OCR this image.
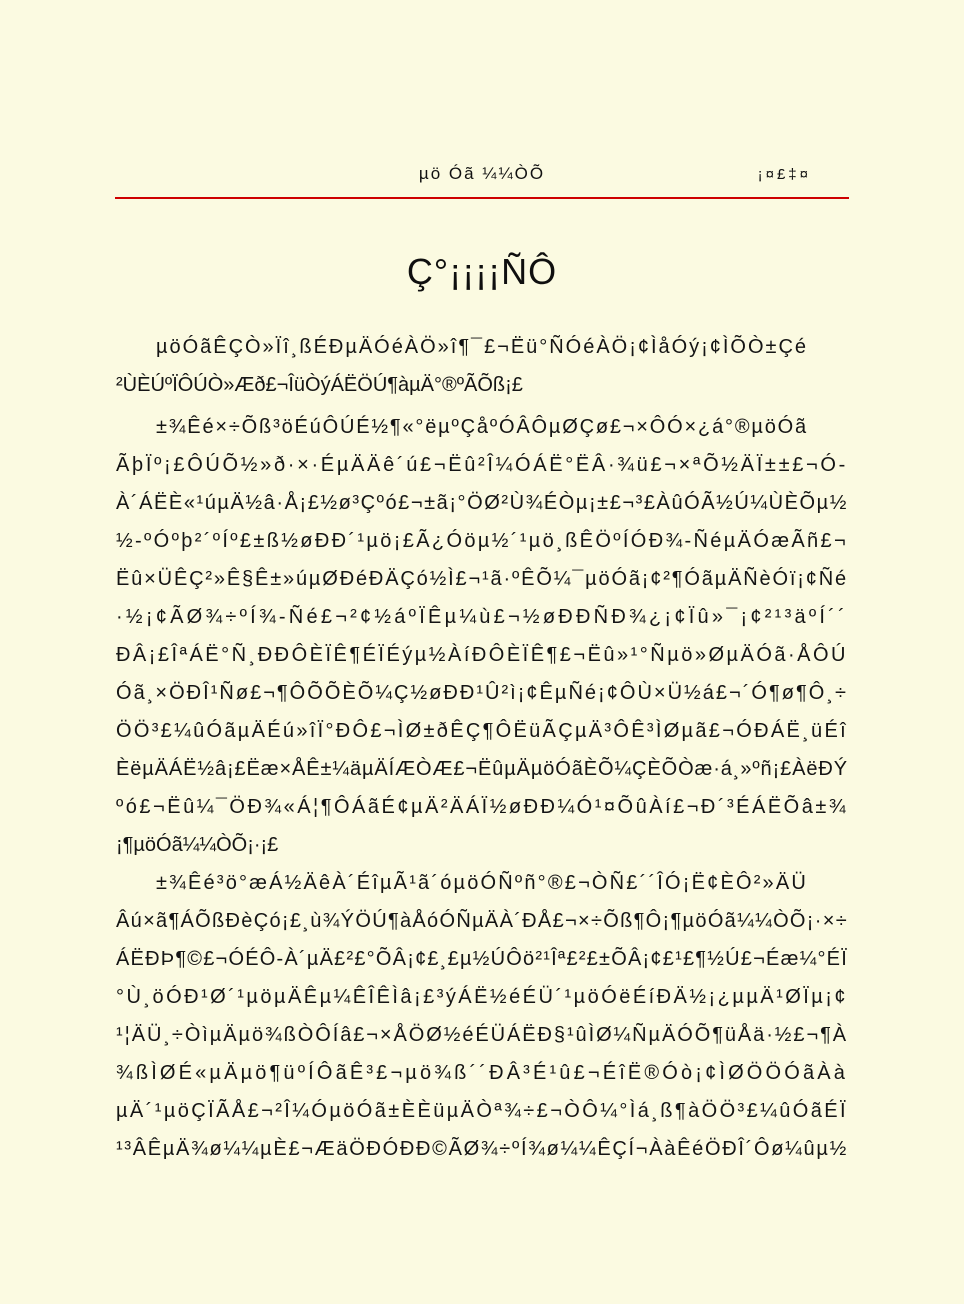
µö Óã ¼¼ÒÕ	¡¤£‡¤
Ç°¡¡¡¡ÑÔ
µöÓãÊÇÒ»Ïî¸ßÉÐµÄÓéÀÖ»î¶¯£¬Ëü°ÑÓéÀÖ¡¢ÌåÓý¡¢ÌÕÒ±Çé
²ÙÈÚºÏÔÚÒ»Æð£¬ÎüÒýÁËÖÚ¶àµÄ°®ºÃÕß¡£
±¾Êé×÷Õß³öÉúÔÚÉ½¶«°ëµºÇåºÓÂÔµØÇø£¬×ÔÓ×¿á°®µöÓã
ÃþÏº¡£ÔÚÕ½»ð·×·ÉµÄÄê´ú£¬Ëû²Î¼ÓÁË°ËÂ·¾ü£¬×ªÕ½ÄÏ±±£¬Ó-
À´ÁËÈ«¹úµÄ½â·Å¡£½ø³Çºó£¬±ã¡°ÖØ²Ù¾ÉÒµ¡±£¬³£ÀûÓÃ½Ú¼ÙÈÕµ½
½-ºÓºþ²´ºÍº£±ß½øÐÐ´¹µö¡£Ã¿Óöµ½´¹µö¸ßÊÖºÍÓÐ¾-ÑéµÄÓæÃñ£¬
Ëû×ÜÊÇ²»Ê§Ê±»úµØÐéÐÄÇó½Ì£¬¹ã·ºÊÕ¼¯µöÓã¡¢²¶ÓãµÄÑèÓï¡¢Ñé
·½¡¢ÃØ¾÷ºÍ¾-Ñé£¬²¢½áºÏÊµ¼ù£¬½øÐÐÑÐ¾¿¡¢Ïû»¯¡¢²¹³äºÍ´´
ÐÂ¡£ÎªÁË°Ñ¸ÐÐÔÈÏÊ¶ÉÏÉýµ½ÀíÐÔÈÏÊ¶£¬Ëû»¹°Ñµö»ØµÄÓã·ÅÔÚ
Óã¸×ÖÐÎ¹Ñø£¬¶ÔÕÕÈÕ¼Ç½øÐÐ¹Û²ì¡¢ÊµÑé¡¢ÔÙ×Ü½á£¬´Ó¶ø¶Ô¸÷
ÖÖ³£¼ûÓãµÄÉú»îÏ°ÐÔ£¬ÌØ±ðÊÇ¶ÔËüÃÇµÄ³ÔÊ³ÌØµã£¬ÓÐÁË¸üÉî
ÈëµÄÁË½â¡£Ëæ×ÅÊ±¼äµÄÍÆÒÆ£¬ËûµÄµöÓãÈÕ¼ÇÈÕÒæ·á¸»ºñ¡£ÀëÐÝ
ºó£¬Ëû¼¯ÖÐ¾«Á¦¶ÔÁãÉ¢µÄ²ÄÁÏ½øÐÐ¼Ó¹¤ÕûÀí£¬Ð´³ÉÁËÕâ±¾
¡¶µöÓã¼¼ÒÕ¡·¡£
±¾Êé³ö°æÁ½ÄêÀ´ÉîµÃ¹ã´óµöÓÑºñ°®£¬ÒÑ£´´ÎÓ¡Ë¢ÈÔ²»ÄÜ
Âú×ã¶ÁÕßÐèÇó¡£¸ù¾ÝÖÚ¶àÅóÓÑµÄÀ´ÐÅ£¬×÷Õß¶Ô¡¶µöÓã¼¼ÒÕ¡·×÷
ÁËÐÞ¶©£¬ÓÉÔ-À´µÄ£²£°ÕÂ¡¢£¸£µ½ÚÔö²¹Îª£²£±ÕÂ¡¢£¹£¶½Ú£¬Éæ¼°ÉÏ
°Ù¸öÓÐ¹Ø´¹µöµÄÊµ¼ÊÎÊÌâ¡£³ýÁË½éÉÜ´¹µöÓëÉíÐÄ½¡¿µµÄ¹ØÏµ¡¢
¹¦ÄÜ¸÷ÒìµÄµö¾ßÒÔÍâ£¬×ÅÖØ½éÉÜÁËÐ§¹ûÌØ¼ÑµÄÓÕ¶üÅä·½£¬¶À
¾ßÌØÉ«µÄµö¶üºÍÔãÊ³£¬µö¾ß´´ÐÂ³É¹û£¬ÉîË®Óò¡¢ÌØÖÖÓãÀà
µÄ´¹µöÇÏÃÅ£¬²Î¼ÓµöÓã±ÈÈüµÄÒª¾÷£¬ÒÔ¼°Ìá¸ß¶àÖÖ³£¼ûÓãÉÏ
¹³ÂÊµÄ¾ø¼¼µÈ£¬ÆäÖÐÓÐÐ©ÃØ¾÷ºÍ¾ø¼¼ÊÇÍ¬ÀàÊéÖÐÎ´Ôø¼ûµ½
